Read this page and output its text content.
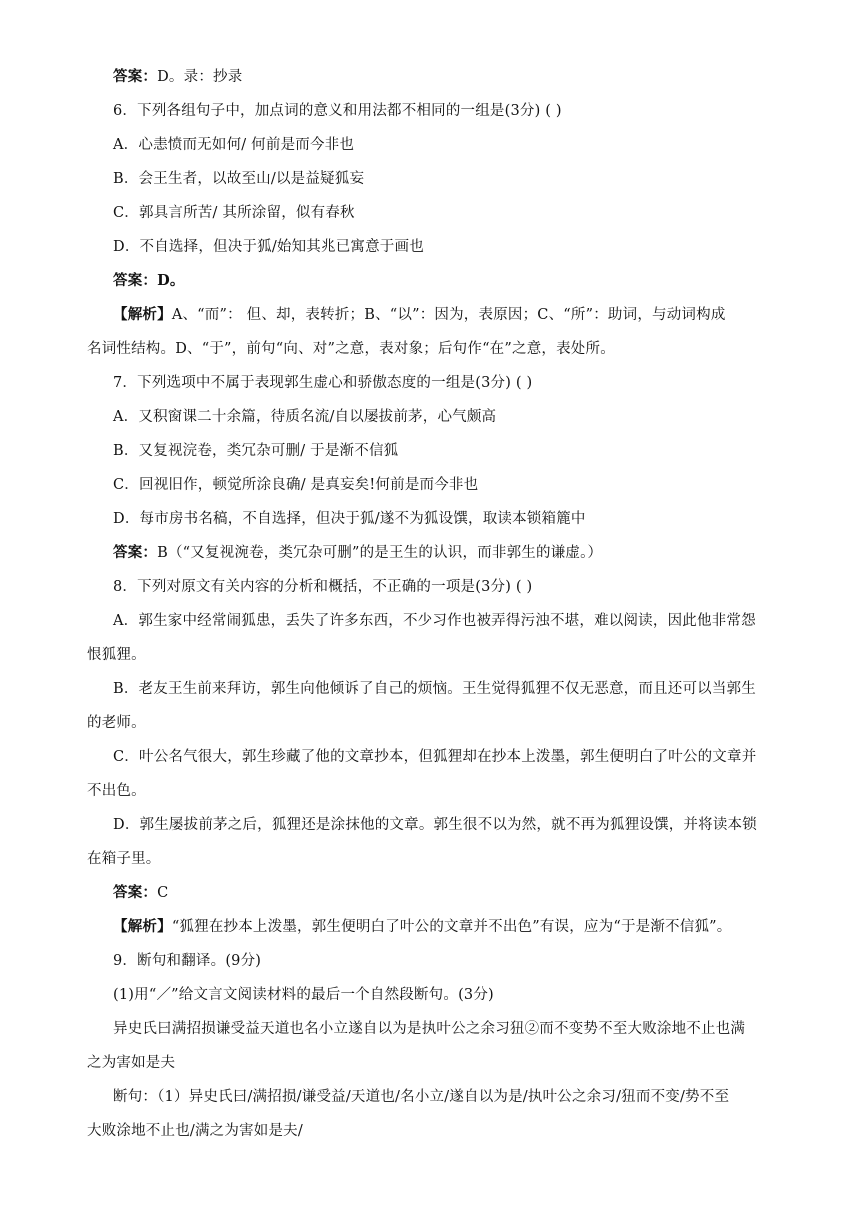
答案：D。录：抄录
6．下列各组句子中，加点词的意义和用法都不相同的一组是(3分) ( )
A．心恚愤而无如何/ 何前是而今非也
B．会王生者，以故至山/以是益疑狐妄
C．郭具言所苦/ 其所涂留，似有春秋
D．不自选择，但决于狐/始知其兆已寓意于画也
答案：D。
【解析】A、“而”： 但、却，表转折；B、“以”：因为，表原因；C、“所”：助词，与动词构成
名词性结构。D、“于”，前句“向、对”之意，表对象；后句作“在”之意，表处所。
7．下列选项中不属于表现郭生虚心和骄傲态度的一组是(3分) ( )
A．又积窗课二十余篇，待质名流/自以屡拔前茅，心气颇高
B．又复视浣卷，类冗杂可删/ 于是渐不信狐
C．回视旧作，顿觉所涂良确/ 是真妄矣!何前是而今非也
D．每市房书名稿，不自选择，但决于狐/遂不为狐设馔，取读本锁箱簏中
答案：B（“又复视涴卷，类冗杂可删”的是王生的认识，而非郭生的谦虚。）
8．下列对原文有关内容的分析和概括，不正确的一项是(3分) ( )
A．郭生家中经常闹狐患，丢失了许多东西，不少习作也被弄得污浊不堪，难以阅读，因此他非常怨
恨狐狸。
B．老友王生前来拜访，郭生向他倾诉了自己的烦恼。王生觉得狐狸不仅无恶意，而且还可以当郭生
的老师。
C．叶公名气很大，郭生珍藏了他的文章抄本，但狐狸却在抄本上泼墨，郭生便明白了叶公的文章并
不出色。
D．郭生屡拔前茅之后，狐狸还是涂抹他的文章。郭生很不以为然，就不再为狐狸设馔，并将读本锁
在箱子里。
答案：C
【解析】“狐狸在抄本上泼墨，郭生便明白了叶公的文章并不出色”有误，应为“于是渐不信狐”。
9．断句和翻译。(9分)
(1)用“／”给文言文阅读材料的最后一个自然段断句。(3分)
异史氏曰满招损谦受益天道也名小立遂自以为是执叶公之余习狃②而不变势不至大败涂地不止也满
之为害如是夫
断句：（1）异史氏曰/满招损/谦受益/天道也/名小立/遂自以为是/执叶公之余习/狃而不变/势不至
大败涂地不止也/满之为害如是夫/
